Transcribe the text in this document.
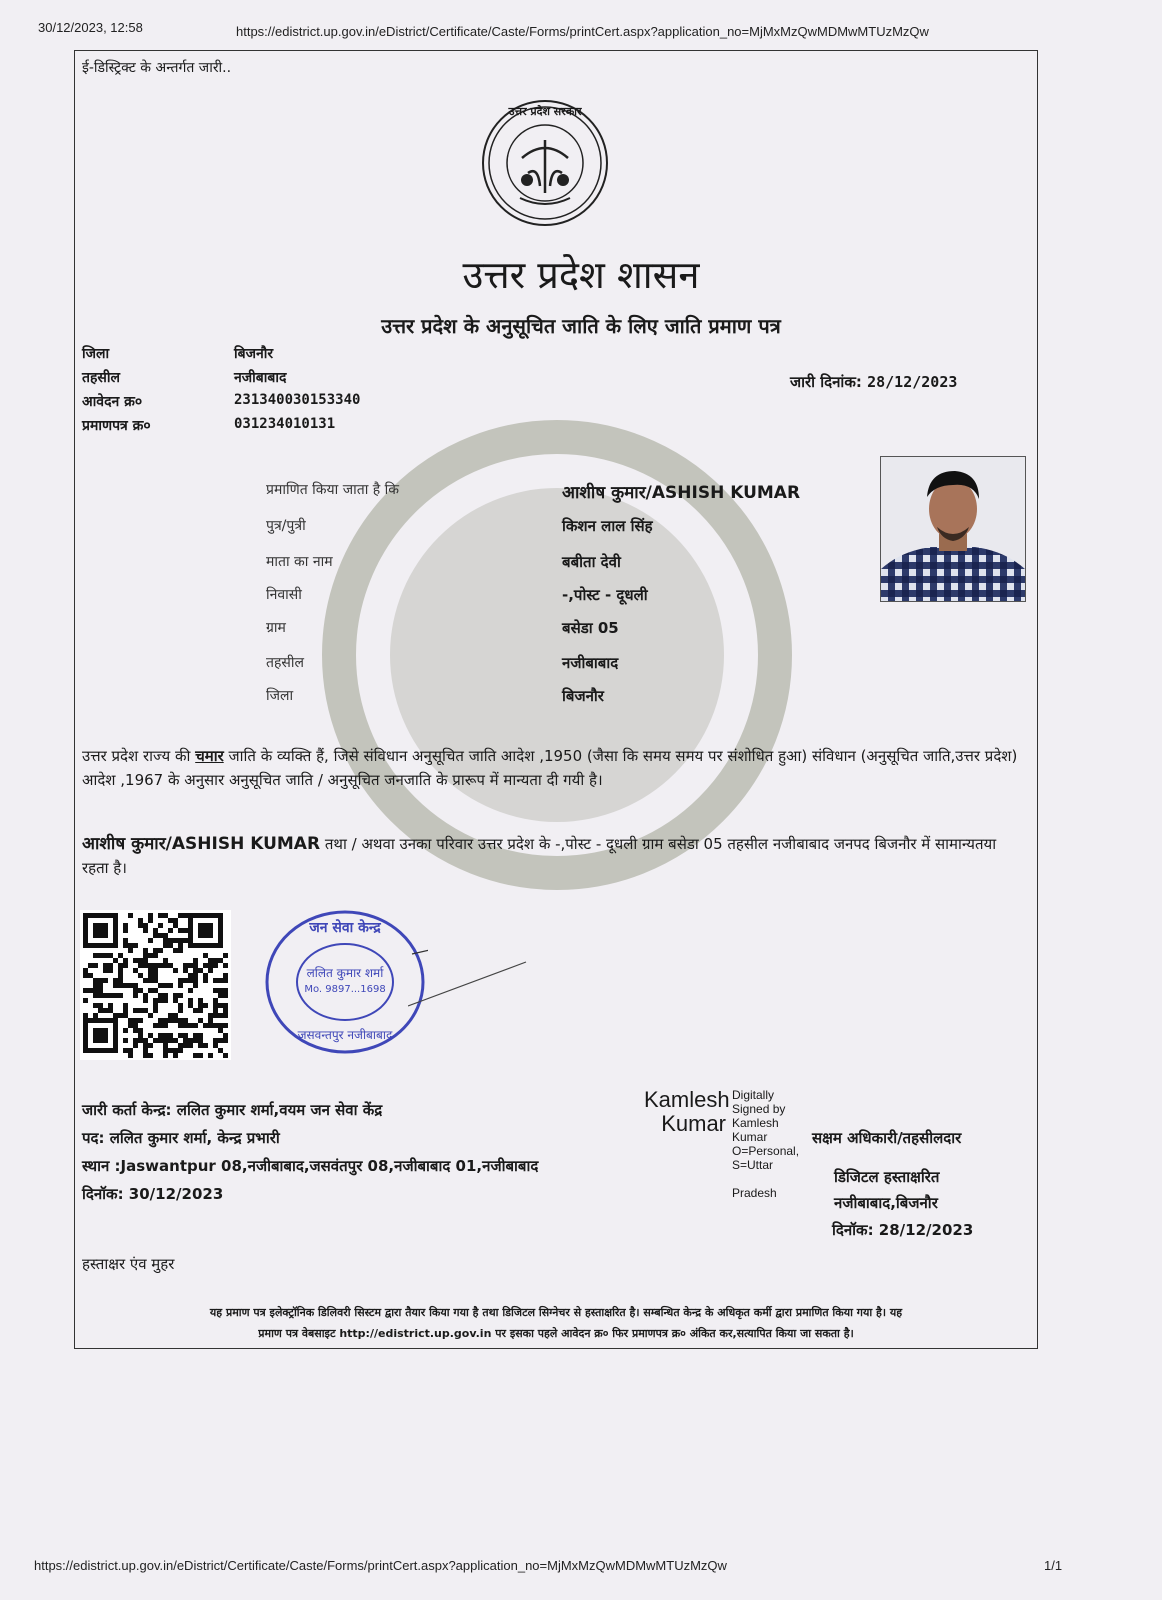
30/12/2023, 12:58	https://edistrict.up.gov.in/eDistrict/Certificate/Caste/Forms/printCert.aspx?application_no=MjMxMzQwMDMwMTUzMzQw
ई-डिस्ट्रिक्ट के अन्तर्गत जारी..
उत्तर प्रदेश सरकार
उत्तर प्रदेश शासन
उत्तर प्रदेश के अनुसूचित जाति के लिए जाति प्रमाण पत्र
जिला	बिजनौर
तहसील	नजीबाबाद
आवेदन क्र०	231340030153340
प्रमाणपत्र क्र०	031234010131
जारी दिनांक: 28/12/2023
प्रमाणित किया जाता है कि	आशीष कुमार/ASHISH KUMAR
पुत्र/पुत्री	किशन लाल सिंह
माता का नाम	बबीता देवी
निवासी	-,पोस्ट - दूधली
ग्राम	बसेडा 05
तहसील	नजीबाबाद
जिला	बिजनौर
उत्तर प्रदेश राज्य की चमार जाति के व्यक्ति हैं, जिसे संविधान अनुसूचित जाति आदेश ,1950 (जैसा कि समय समय पर संशोधित हुआ) संविधान (अनुसूचित जाति,उत्तर प्रदेश) आदेश ,1967 के अनुसार अनुसूचित जाति / अनुसूचित जनजाति के प्रारूप में मान्यता दी गयी है।
आशीष कुमार/ASHISH KUMAR तथा / अथवा उनका परिवार उत्तर प्रदेश के -,पोस्ट - दूधली ग्राम बसेडा 05 तहसील नजीबाबाद जनपद बिजनौर में सामान्यतया रहता है।
जन सेवा केन्द्र
ललित कुमार शर्मा
Mo. 9897...1698
जसवन्तपुर नजीबाबाद
जारी कर्ता केन्द्र: ललित कुमार शर्मा,वयम जन सेवा केंद्र
पद: ललित कुमार शर्मा, केन्द्र प्रभारी
स्थान :Jaswantpur 08,नजीबाबाद,जसवंतपुर 08,नजीबाबाद 01,नजीबाबाद
दिनॉक: 30/12/2023
Kamlesh
Kumar
Digitally
Signed by
Kamlesh
Kumar
O=Personal,
S=Uttar
Pradesh
सक्षम अधिकारी/तहसीलदार
डिजिटल हस्ताक्षरित
नजीबाबाद,बिजनौर
दिनॉक: 28/12/2023
हस्ताक्षर एंव मुहर
यह प्रमाण पत्र इलेक्ट्रॉनिक डिलिवरी सिस्टम द्वारा तैयार किया गया है तथा डिजिटल सिग्नेचर से हस्ताक्षरित है। सम्बन्धित केन्द्र के अधिकृत कर्मी द्वारा प्रमाणित किया गया है। यह
प्रमाण पत्र वेबसाइट http://edistrict.up.gov.in पर इसका पहले आवेदन क्र० फिर प्रमाणपत्र क्र० अंकित कर,सत्यापित किया जा सकता है।
https://edistrict.up.gov.in/eDistrict/Certificate/Caste/Forms/printCert.aspx?application_no=MjMxMzQwMDMwMTUzMzQw	1/1
